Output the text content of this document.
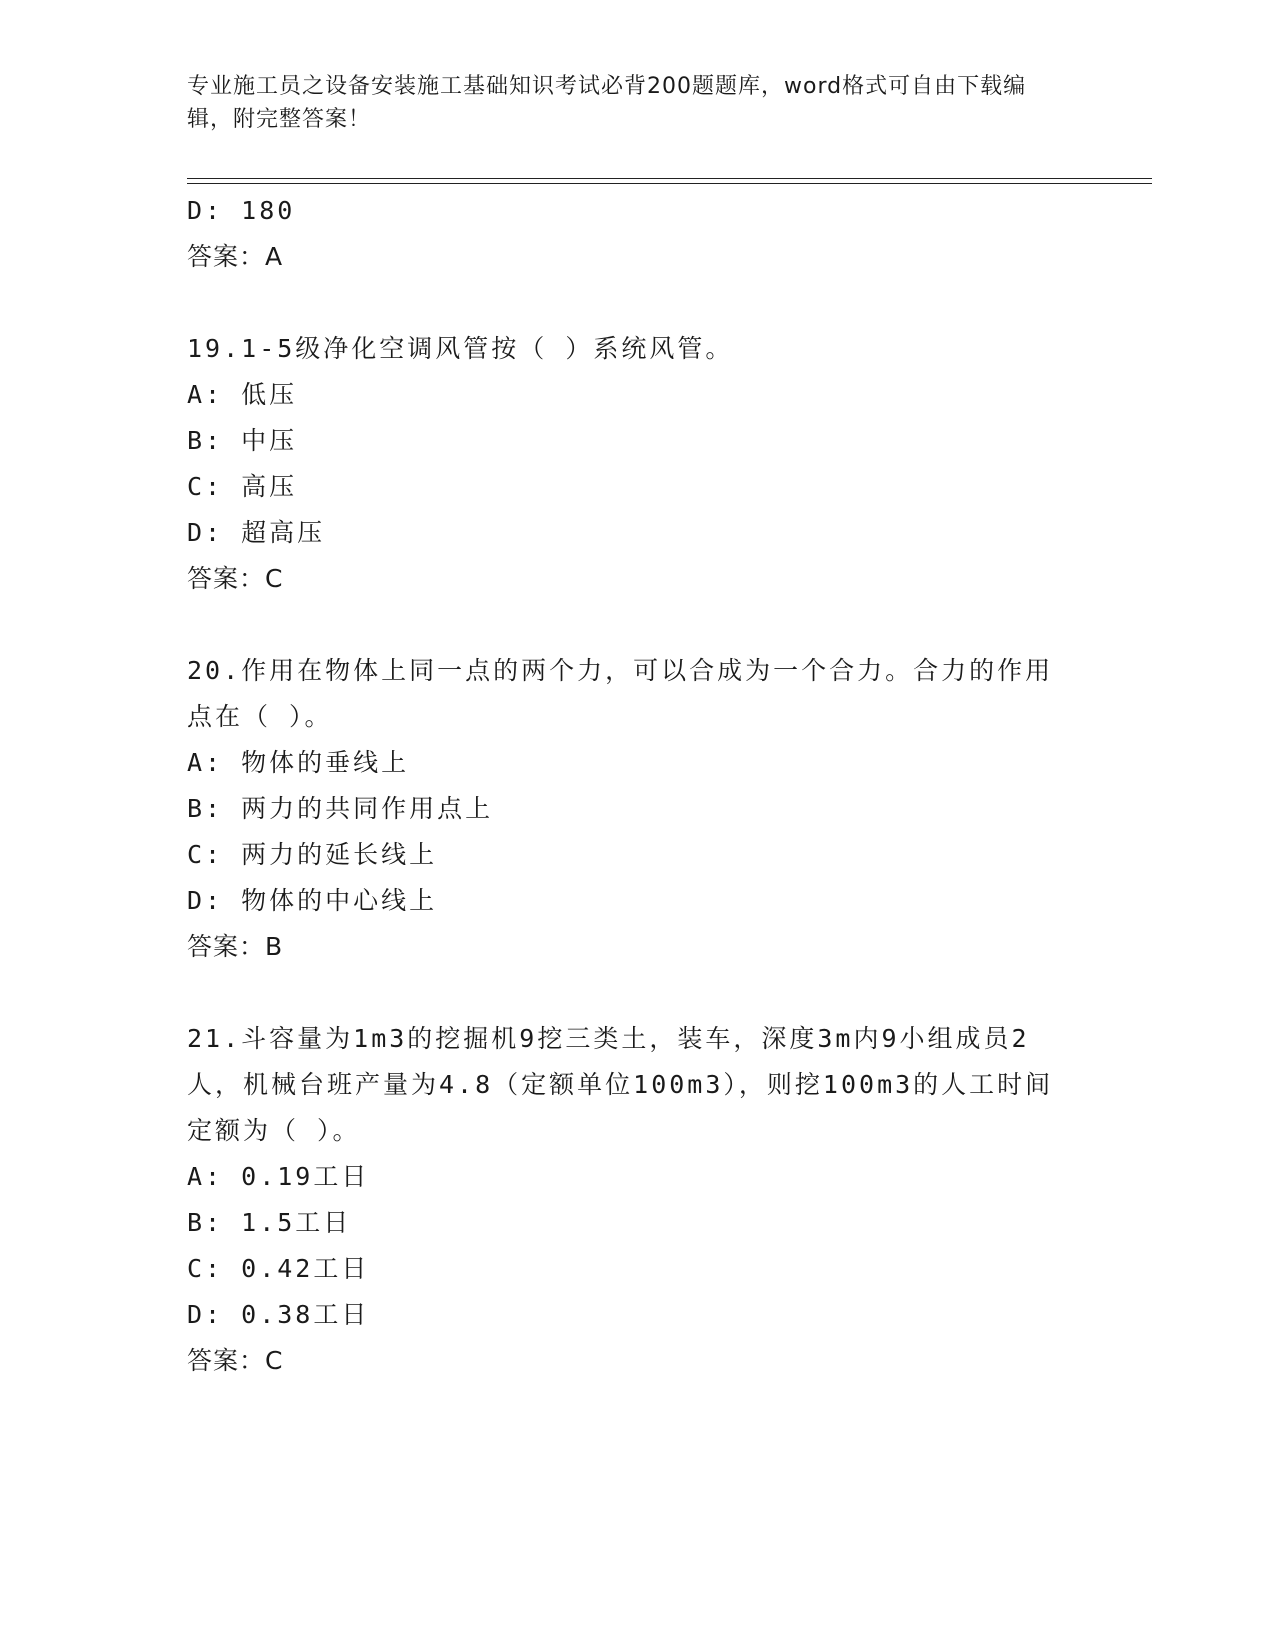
专业施工员之设备安装施工基础知识考试必背200题题库，word格式可自由下载编辑，附完整答案！
D: 180
答案：A
19.1-5级净化空调风管按（ ）系统风管。
A: 低压
B: 中压
C: 高压
D: 超高压
答案：C
20.作用在物体上同一点的两个力，可以合成为一个合力。合力的作用点在（ ）。
A: 物体的垂线上
B: 两力的共同作用点上
C: 两力的延长线上
D: 物体的中心线上
答案：B
21.斗容量为1m3的挖掘机9挖三类土，装车，深度3m内9小组成员2人，机械台班产量为4.8（定额单位100m3），则挖100m3的人工时间定额为（ ）。
A: 0.19工日
B: 1.5工日
C: 0.42工日
D: 0.38工日
答案：C
